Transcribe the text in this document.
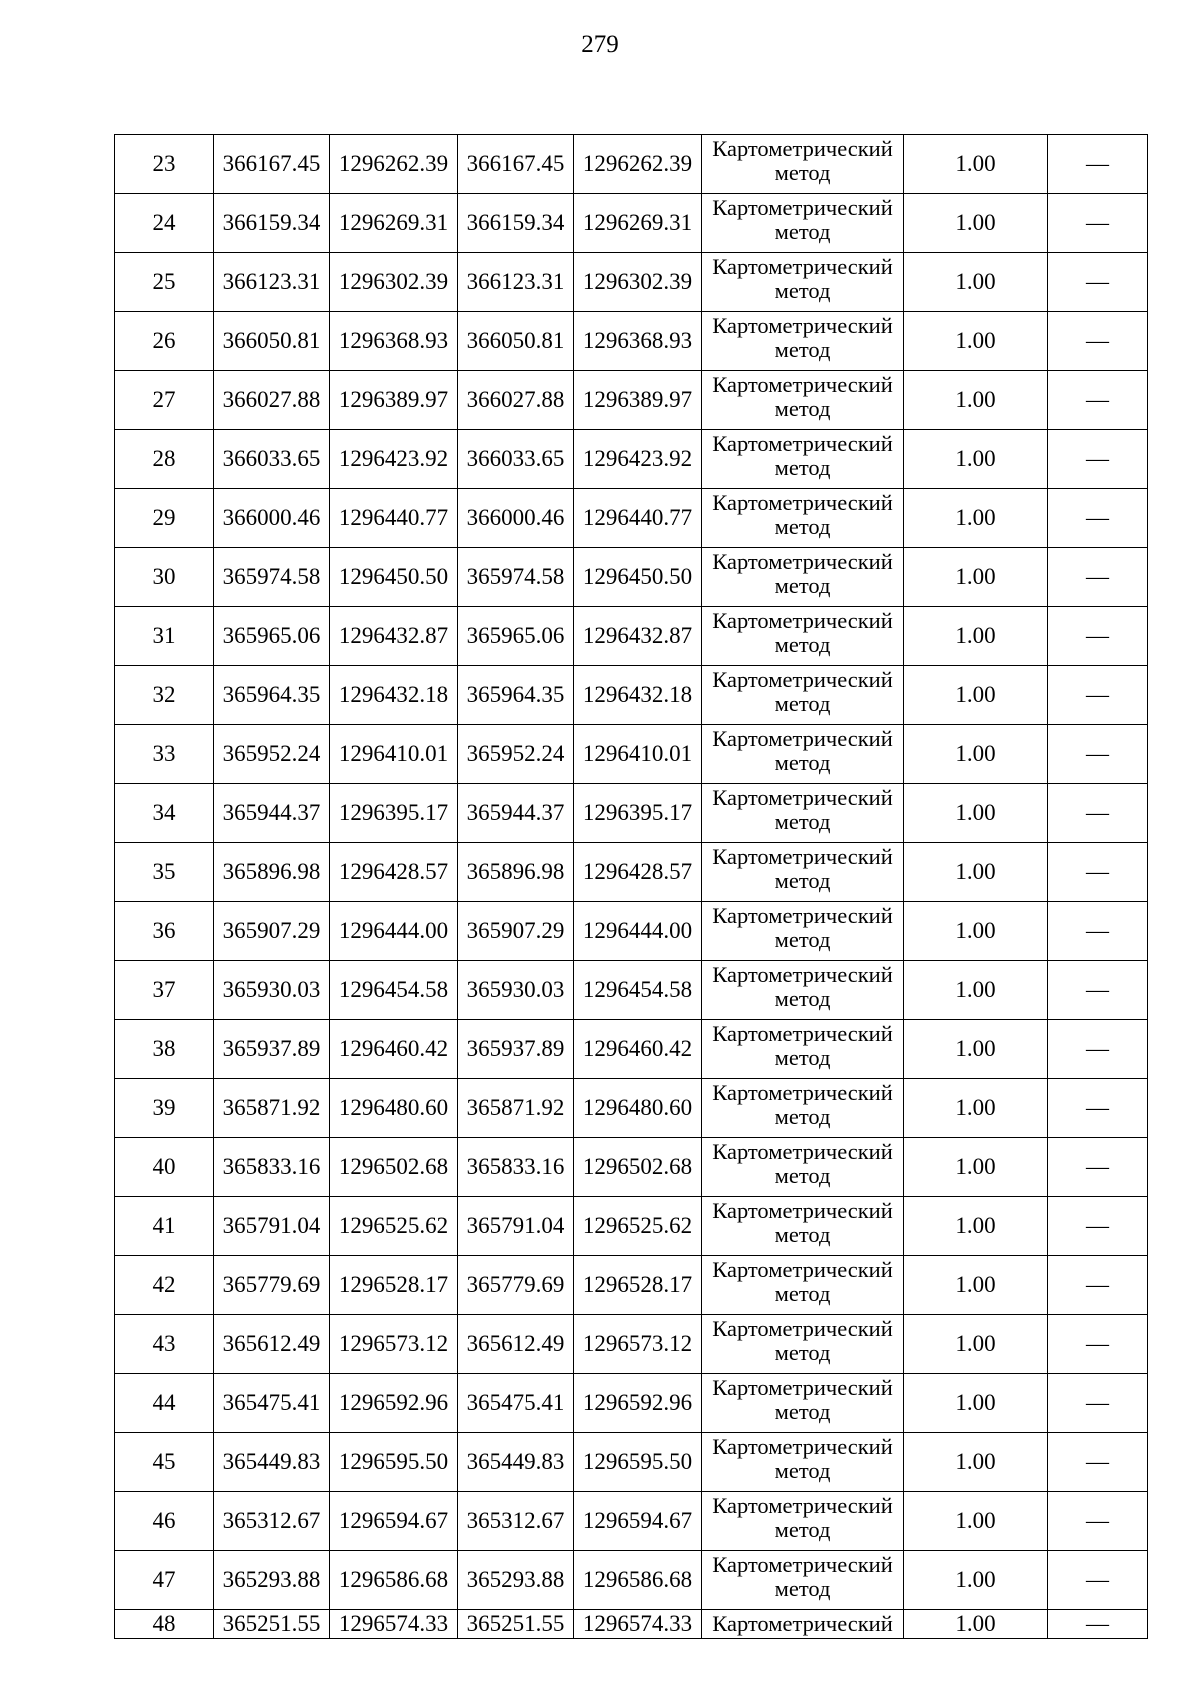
279
23	366167.45	1296262.39	366167.45	1296262.39	Картометрический метод	1.00	—
24	366159.34	1296269.31	366159.34	1296269.31	Картометрический метод	1.00	—
25	366123.31	1296302.39	366123.31	1296302.39	Картометрический метод	1.00	—
26	366050.81	1296368.93	366050.81	1296368.93	Картометрический метод	1.00	—
27	366027.88	1296389.97	366027.88	1296389.97	Картометрический метод	1.00	—
28	366033.65	1296423.92	366033.65	1296423.92	Картометрический метод	1.00	—
29	366000.46	1296440.77	366000.46	1296440.77	Картометрический метод	1.00	—
30	365974.58	1296450.50	365974.58	1296450.50	Картометрический метод	1.00	—
31	365965.06	1296432.87	365965.06	1296432.87	Картометрический метод	1.00	—
32	365964.35	1296432.18	365964.35	1296432.18	Картометрический метод	1.00	—
33	365952.24	1296410.01	365952.24	1296410.01	Картометрический метод	1.00	—
34	365944.37	1296395.17	365944.37	1296395.17	Картометрический метод	1.00	—
35	365896.98	1296428.57	365896.98	1296428.57	Картометрический метод	1.00	—
36	365907.29	1296444.00	365907.29	1296444.00	Картометрический метод	1.00	—
37	365930.03	1296454.58	365930.03	1296454.58	Картометрический метод	1.00	—
38	365937.89	1296460.42	365937.89	1296460.42	Картометрический метод	1.00	—
39	365871.92	1296480.60	365871.92	1296480.60	Картометрический метод	1.00	—
40	365833.16	1296502.68	365833.16	1296502.68	Картометрический метод	1.00	—
41	365791.04	1296525.62	365791.04	1296525.62	Картометрический метод	1.00	—
42	365779.69	1296528.17	365779.69	1296528.17	Картометрический метод	1.00	—
43	365612.49	1296573.12	365612.49	1296573.12	Картометрический метод	1.00	—
44	365475.41	1296592.96	365475.41	1296592.96	Картометрический метод	1.00	—
45	365449.83	1296595.50	365449.83	1296595.50	Картометрический метод	1.00	—
46	365312.67	1296594.67	365312.67	1296594.67	Картометрический метод	1.00	—
47	365293.88	1296586.68	365293.88	1296586.68	Картометрический метод	1.00	—
48	365251.55	1296574.33	365251.55	1296574.33	Картометрический	1.00	—
